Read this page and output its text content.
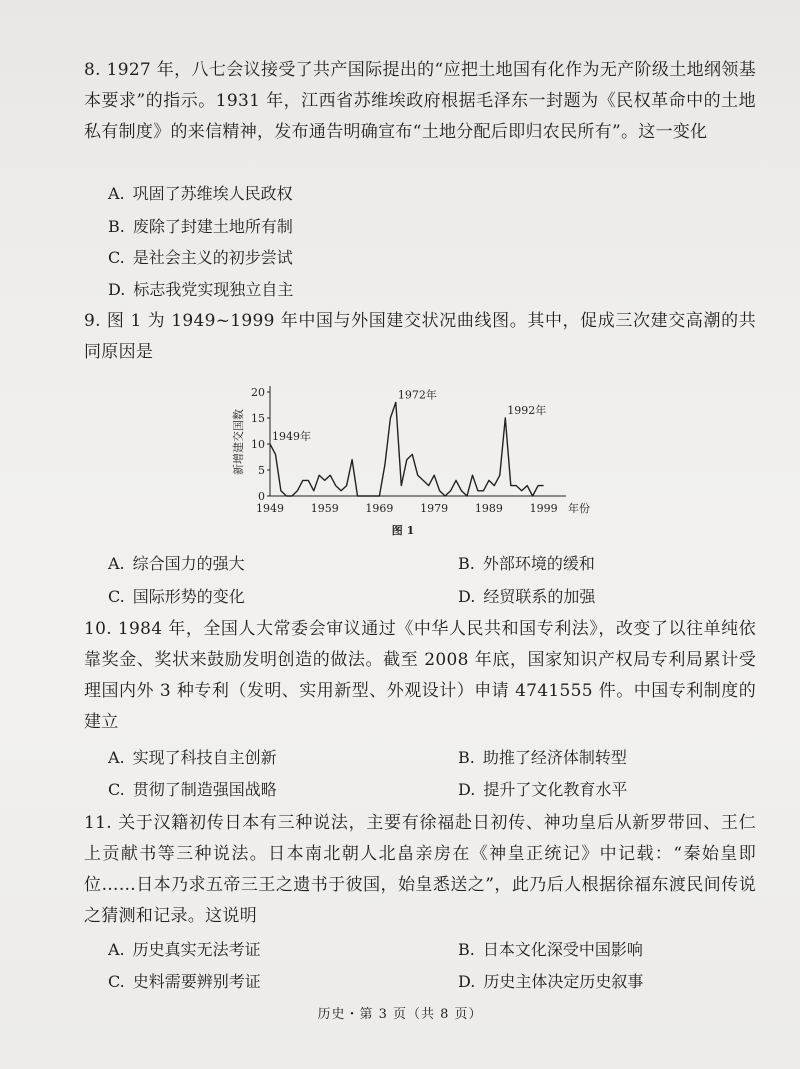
8. 1927 年，八七会议接受了共产国际提出的“应把土地国有化作为无产阶级土地纲领基本要求”的指示。1931 年，江西省苏维埃政府根据毛泽东一封题为《民权革命中的土地私有制度》的来信精神，发布通告明确宣布“土地分配后即归农民所有”。这一变化

A. 巩固了苏维埃人民政权
B. 废除了封建土地所有制
C. 是社会主义的初步尝试
D. 标志我党实现独立自主

9. 图 1 为 1949~1999 年中国与外国建交状况曲线图。其中，促成三次建交高潮的共同原因是

0
5
10
15
20
1949 1959 1969 1979 1989 1999 年份
新增建交国数 1949年
1972年
1992年
图 1
A. 综合国力的强大	B. 外部环境的缓和
C. 国际形势的变化	D. 经贸联系的加强

10. 1984 年，全国人大常委会审议通过《中华人民共和国专利法》，改变了以往单纯依靠奖金、奖状来鼓励发明创造的做法。截至 2008 年底，国家知识产权局专利局累计受理国内外 3 种专利（发明、实用新型、外观设计）申请 4741555 件。中国专利制度的建立

A. 实现了科技自主创新	B. 助推了经济体制转型
C. 贯彻了制造强国战略	D. 提升了文化教育水平

11. 关于汉籍初传日本有三种说法，主要有徐福赴日初传、神功皇后从新罗带回、王仁上贡献书等三种说法。日本南北朝人北畠亲房在《神皇正统记》中记载：“秦始皇即位……日本乃求五帝三王之遗书于彼国，始皇悉送之”，此乃后人根据徐福东渡民间传说之猜测和记录。这说明

A. 历史真实无法考证	B. 日本文化深受中国影响
C. 史料需要辨别考证	D. 历史主体决定历史叙事
历史・第 3 页（共 8 页）
